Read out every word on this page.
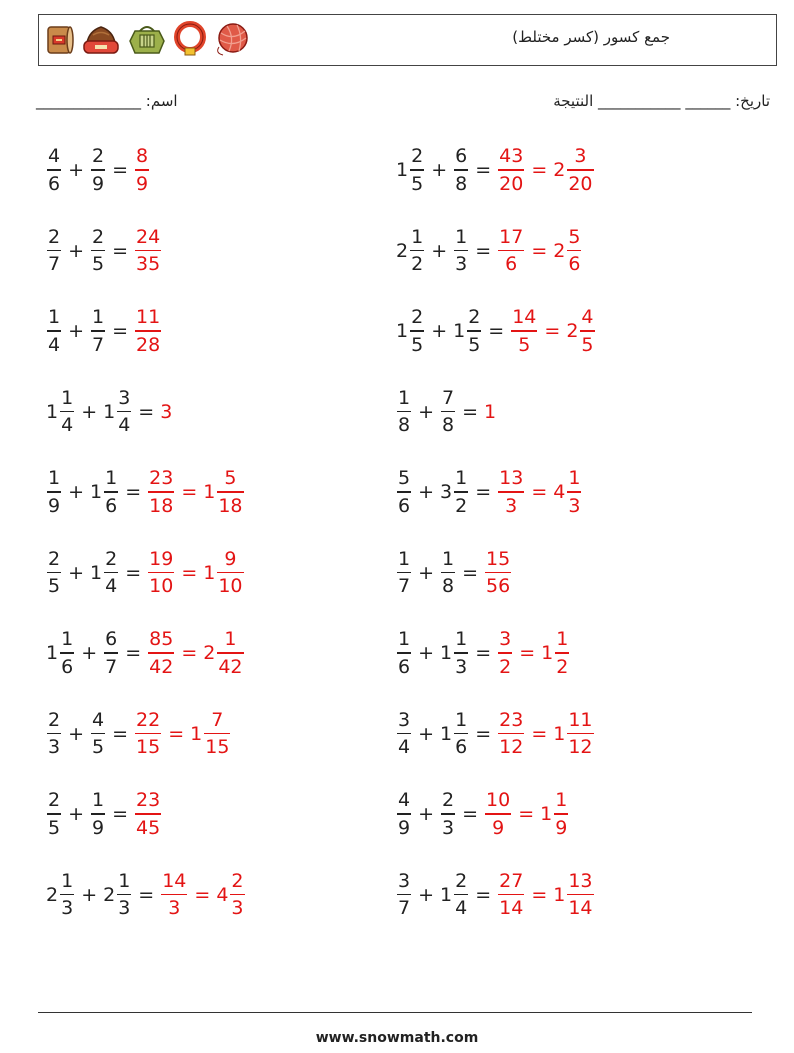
جمع کسور (کسر مختلط)
اسم: ______________	تاریخ: ______ ___________ النتيجة
$\frac{4}{6} + \frac{2}{9} = \frac{8}{9}$	$1 \frac{2}{5} + \frac{6}{8} = \frac{43}{20} = 2 \frac{3}{20}$
$\frac{2}{7} + \frac{2}{5} = \frac{24}{35}$	$2 \frac{1}{2} + \frac{1}{3} = \frac{17}{6} = 2 \frac{5}{6}$
$\frac{1}{4} + \frac{1}{7} = \frac{11}{28}$	$1 \frac{2}{5} + 1 \frac{2}{5} = \frac{14}{5} = 2 \frac{4}{5}$
$1 \frac{1}{4} + 1 \frac{3}{4} = 3$	$\frac{1}{8} + \frac{7}{8} = 1$
$\frac{1}{9} + 1 \frac{1}{6} = \frac{23}{18} = 1 \frac{5}{18}$	$\frac{5}{6} + 3 \frac{1}{2} = \frac{13}{3} = 4 \frac{1}{3}$
$\frac{2}{5} + 1 \frac{2}{4} = \frac{19}{10} = 1 \frac{9}{10}$	$\frac{1}{7} + \frac{1}{8} = \frac{15}{56}$
$1 \frac{1}{6} + \frac{6}{7} = \frac{85}{42} = 2 \frac{1}{42}$	$\frac{1}{6} + 1 \frac{1}{3} = \frac{3}{2} = 1 \frac{1}{2}$
$\frac{2}{3} + \frac{4}{5} = \frac{22}{15} = 1 \frac{7}{15}$	$\frac{3}{4} + 1 \frac{1}{6} = \frac{23}{12} = 1 \frac{11}{12}$
$\frac{2}{5} + \frac{1}{9} = \frac{23}{45}$	$\frac{4}{9} + \frac{2}{3} = \frac{10}{9} = 1 \frac{1}{9}$
$2 \frac{1}{3} + 2 \frac{1}{3} = \frac{14}{3} = 4 \frac{2}{3}$	$\frac{3}{7} + 1 \frac{2}{4} = \frac{27}{14} = 1 \frac{13}{14}$
www.snowmath.com
